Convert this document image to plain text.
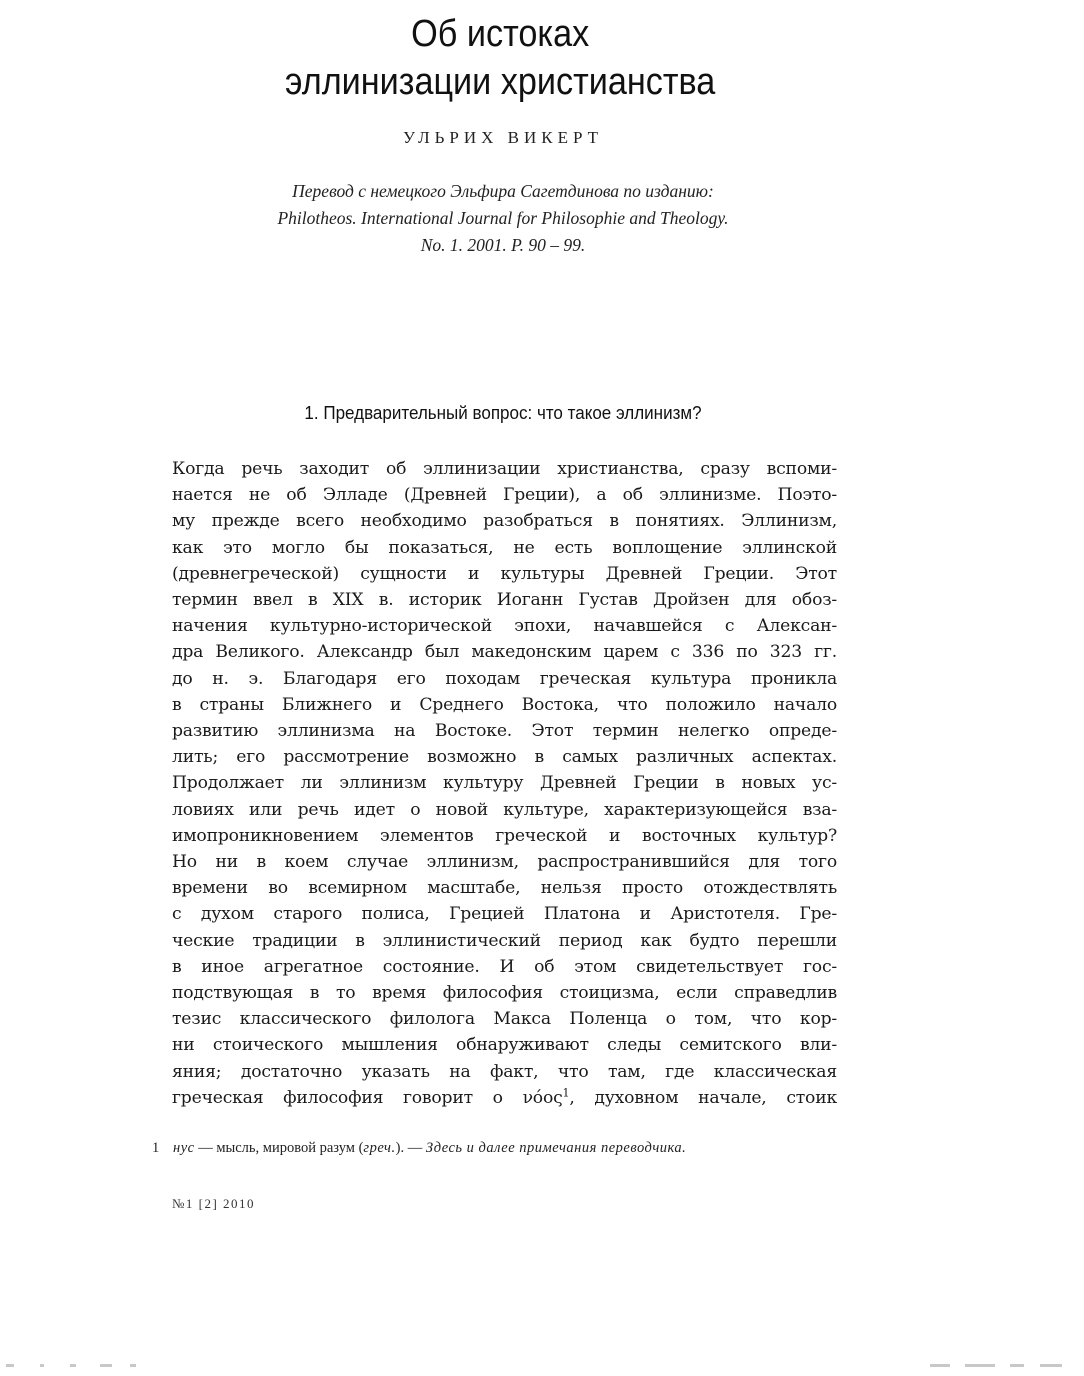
Об истоках
эллинизации христианства
УЛЬРИХ ВИКЕРТ
Перевод с немецкого Эльфира Сагетдинова по изданию:
Philotheos. International Journal for Philosophie and Theology.
No. 1. 2001. P. 90 – 99.
1. Предварительный вопрос: что такое эллинизм?
Когда речь заходит об эллинизации христианства, сразу вспоми-
нается не об Элладе (Древней Греции), а об эллинизме. Поэто-
му прежде всего необходимо разобраться в понятиях. Эллинизм,
как это могло бы показаться, не есть воплощение эллинской
(древнегреческой) сущности и культуры Древней Греции. Этот
термин ввел в XIX в. историк Иоганн Густав Дройзен для обоз-
начения культурно-исторической эпохи, начавшейся с Алексан-
дра Великого. Александр был македонским царем с 336 по 323 гг.
до н. э. Благодаря его походам греческая культура проникла
в страны Ближнего и Среднего Востока, что положило начало
развитию эллинизма на Востоке. Этот термин нелегко опреде-
лить; его рассмотрение возможно в самых различных аспектах.
Продолжает ли эллинизм культуру Древней Греции в новых ус-
ловиях или речь идет о новой культуре, характеризующейся вза-
имопроникновением элементов греческой и восточных культур?
Но ни в коем случае эллинизм, распространившийся для того
времени во всемирном масштабе, нельзя просто отождествлять
с духом старого полиса, Грецией Платона и Аристотеля. Гре-
ческие традиции в эллинистический период как будто перешли
в иное агрегатное состояние. И об этом свидетельствует гос-
подствующая в то время философия стоицизма, если справедлив
тезис классического филолога Макса Поленца о том, что кор-
ни стоического мышления обнаруживают следы семитского вли-
яния; достаточно указать на факт, что там, где классическая
греческая философия говорит о νόος$^1$, духовном начале, стоик
1 нус — мысль, мировой разум (греч.). — Здесь и далее примечания переводчика.
№1 [2] 2010
